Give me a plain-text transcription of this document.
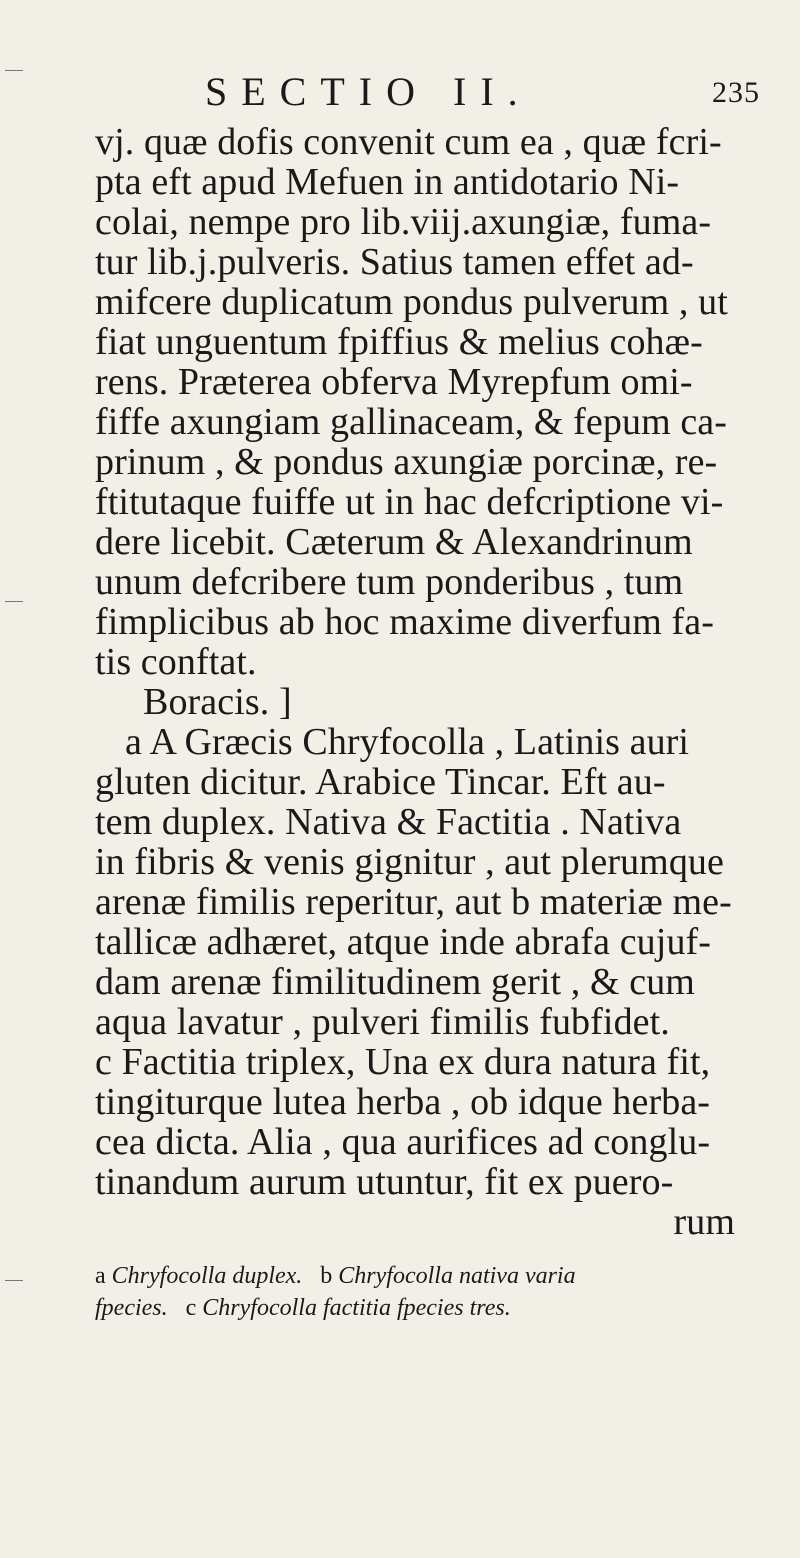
SECTIO II.	235
vj. quæ dofis convenit cum ea , quæ fcri-
pta eft apud Mefuen in antidotario Ni-
colai, nempe pro lib.viij.axungiæ, fuma-
tur lib.j.pulveris. Satius tamen effet ad-
mifcere duplicatum pondus pulverum , ut
fiat unguentum fpiffius & melius cohæ-
rens. Præterea obferva Myrepfum omi-
fiffe axungiam gallinaceam, & fepum ca-
prinum , & pondus axungiæ porcinæ, re-
ftitutaque fuiffe ut in hac defcriptione vi-
dere licebit. Cæterum & Alexandrinum
unum defcribere tum ponderibus , tum
fimplicibus ab hoc maxime diverfum fa-
tis conftat.
Boracis. ]
a A Græcis Chryfocolla , Latinis auri
gluten dicitur. Arabice Tincar. Eft au-
tem duplex. Nativa & Factitia . Nativa
in fibris & venis gignitur , aut plerumque
arenæ fimilis reperitur, aut b materiæ me-
tallicæ adhæret, atque inde abrafa cujuf-
dam arenæ fimilitudinem gerit , & cum
aqua lavatur , pulveri fimilis fubfidet.
c Factitia triplex, Una ex dura natura fit,
tingiturque lutea herba , ob idque herba-
cea dicta. Alia , qua aurifices ad conglu-
tinandum aurum utuntur, fit ex puero-
rum
a Chryfocolla duplex. b Chryfocolla nativa varia
fpecies. c Chryfocolla factitia fpecies tres.
